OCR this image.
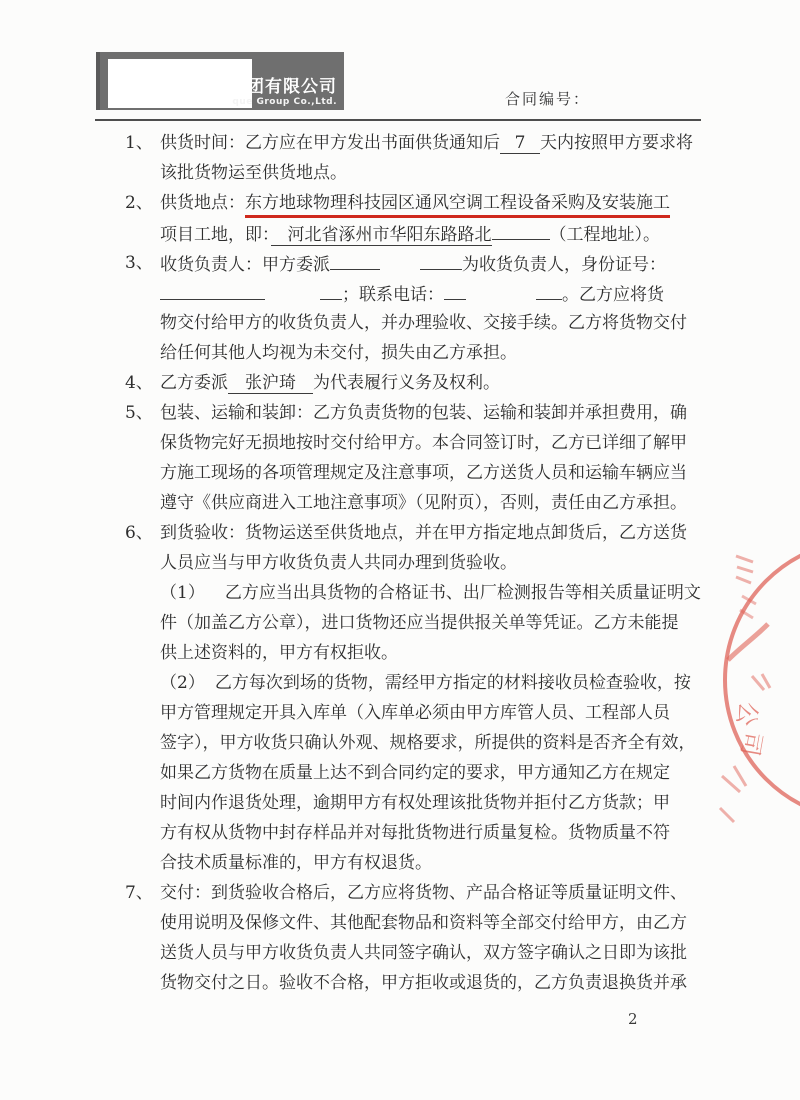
集团有限公司
que Group Co.,Ltd.	合同编号：
1、 供货时间：乙方应在甲方发出书面供货通知后 7 天内按照甲方要求将
该批货物运至供货地点。
2、 供货地点：东方地球物理科技园区通风空调工程设备采购及安装施工
项目工地，即：　河北省涿州市华阳东路路北	（工程地址）。
3、 收货负责人：甲方委派	为收货负责人，身份证号：
；联系电话：	。乙方应将货
物交付给甲方的收货负责人，并办理验收、交接手续。乙方将货物交付
给任何其他人均视为未交付，损失由乙方承担。
4、 乙方委派　张沪琦　为代表履行义务及权利。
5、 包装、运输和装卸：乙方负责货物的包装、运输和装卸并承担费用，确
保货物完好无损地按时交付给甲方。本合同签订时，乙方已详细了解甲
方施工现场的各项管理规定及注意事项，乙方送货人员和运输车辆应当
遵守《供应商进入工地注意事项》（见附页），否则，责任由乙方承担。
6、 到货验收：货物运送至供货地点，并在甲方指定地点卸货后，乙方送货
人员应当与甲方收货负责人共同办理到货验收。
（1） 乙方应当出具货物的合格证书、出厂检测报告等相关质量证明文
件（加盖乙方公章），进口货物还应当提供报关单等凭证。乙方未能提
供上述资料的，甲方有权拒收。
（2） 乙方每次到场的货物，需经甲方指定的材料接收员检查验收，按
甲方管理规定开具入库单（入库单必须由甲方库管人员、工程部人员
签字），甲方收货只确认外观、规格要求，所提供的资料是否齐全有效，
如果乙方货物在质量上达不到合同约定的要求，甲方通知乙方在规定
时间内作退货处理，逾期甲方有权处理该批货物并拒付乙方货款；甲
方有权从货物中封存样品并对每批货物进行质量复检。货物质量不符
合技术质量标准的，甲方有权退货。
7、 交付：到货验收合格后，乙方应将货物、产品合格证等质量证明文件、
使用说明及保修文件、其他配套物品和资料等全部交付给甲方，由乙方
送货人员与甲方收货负责人共同签字确认，双方签字确认之日即为该批
货物交付之日。验收不合格，甲方拒收或退货的，乙方负责退换货并承
公
司
2
